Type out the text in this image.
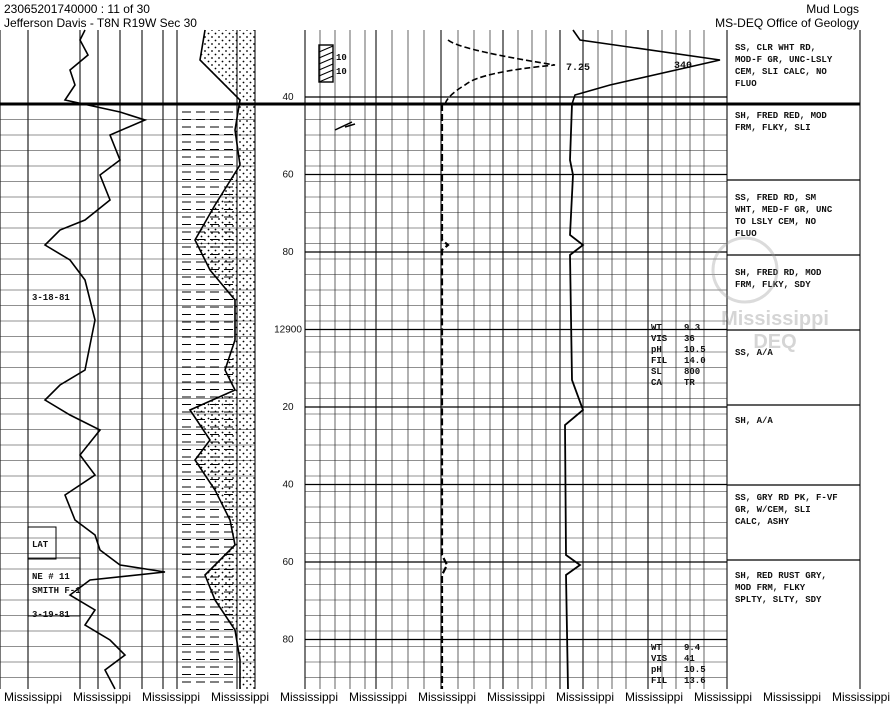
23065201740000 : 11 of 30
Jefferson Davis - T8N R19W Sec 30
Mud Logs
MS-DEQ Office of Geology
40
60
80
12900
20
40
60
80
10
10	7.25	340
3-18-81
LAT
NE # 11
SMITH F-1
3-19-81
SS, CLR WHT RD, MOD-F GR, UNC-LSLY CEM, SLI CALC, NO FLUO
SH, FRED RED, MOD FRM, FLKY, SLI
SS, FRED RD, SM WHT, MED-F GR, UNC TO LSLY CEM, NO FLUO
SH, FRED RD, MOD FRM, FLKY, SDY
SS, A/A
SH, A/A
SS, GRY RD PK, F-VF GR, W/CEM, SLI CALC, ASHY
SH, RED RUST GRY, MOD FRM, FLKY SPLTY, SLTY, SDY
WT 9.3
VIS 36
pH 10.5
FIL 14.0
SL 800
CA TR
WT 9.4
VIS 41
pH 10.5
FIL 13.6
Mississippi
DEQ
Mississippi Mississippi Mississippi Mississippi Mississippi Mississippi Mississippi Mississippi Mississippi Mississippi Mississippi Mississippi Mississippi
